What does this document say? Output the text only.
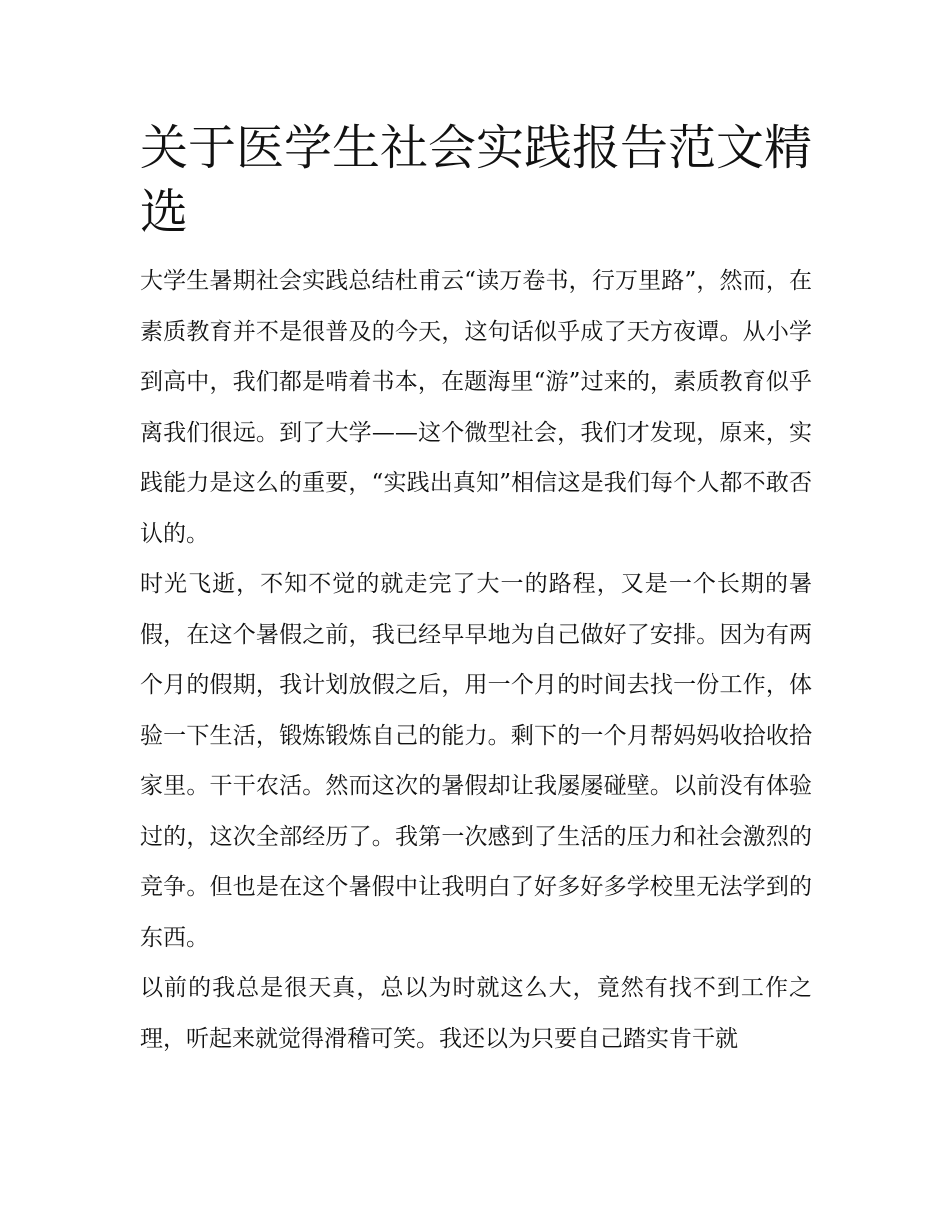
关于医学生社会实践报告范文精选

大学生暑期社会实践总结杜甫云“读万卷书，行万里路”，然而，在素质教育并不是很普及的今天，这句话似乎成了天方夜谭。从小学到高中，我们都是啃着书本，在题海里“游”过来的，素质教育似乎离我们很远。到了大学——这个微型社会，我们才发现，原来，实践能力是这么的重要，“实践出真知”相信这是我们每个人都不敢否认的。

时光飞逝，不知不觉的就走完了大一的路程，又是一个长期的暑假，在这个暑假之前，我已经早早地为自己做好了安排。因为有两个月的假期，我计划放假之后，用一个月的时间去找一份工作，体验一下生活，锻炼锻炼自己的能力。剩下的一个月帮妈妈收拾收拾家里。干干农活。然而这次的暑假却让我屡屡碰壁。以前没有体验过的，这次全部经历了。我第一次感到了生活的压力和社会激烈的竞争。但也是在这个暑假中让我明白了好多好多学校里无法学到的东西。

以前的我总是很天真，总以为时就这么大，竟然有找不到工作之理，听起来就觉得滑稽可笑。我还以为只要自己踏实肯干就
